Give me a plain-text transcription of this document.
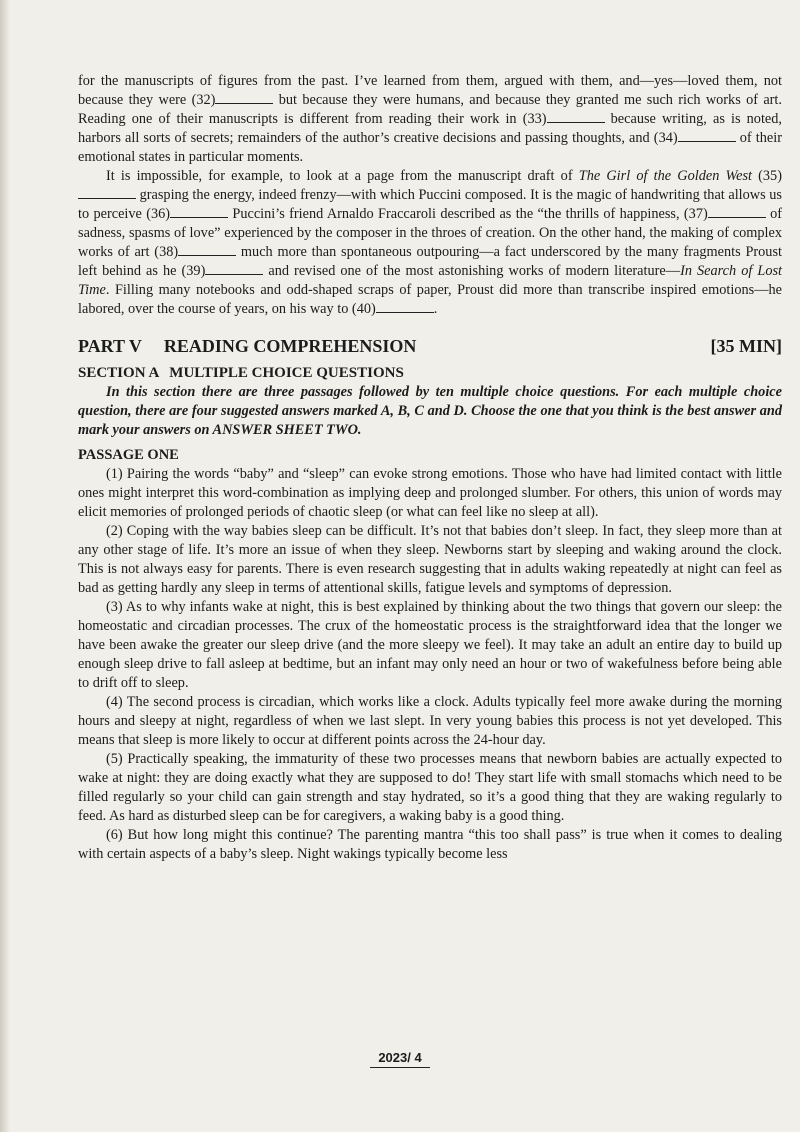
for the manuscripts of figures from the past. I’ve learned from them, argued with them, and—yes—loved them, not because they were (32)	but because they were humans, and because they granted me such rich works of art. Reading one of their manuscripts is different from reading their work in (33)	because writing, as is noted, harbors all sorts of secrets; remainders of the author’s creative decisions and passing thoughts, and (34)	of their emotional states in particular moments.

It is impossible, for example, to look at a page from the manuscript draft of The Girl of the Golden West (35) grasping the energy, indeed frenzy—with which Puccini composed. It is the magic of handwriting that allows us to perceive (36)	Puccini’s friend Arnaldo Fraccaroli described as the “the thrills of happiness, (37)	of sadness, spasms of love” experienced by the composer in the throes of creation. On the other hand, the making of complex works of art (38)	much more than spontaneous outpouring—a fact underscored by the many fragments Proust left behind as he (39)	and revised one of the most astonishing works of modern literature—In Search of Lost Time. Filling many notebooks and odd-shaped scraps of paper, Proust did more than transcribe inspired emotions—he labored, over the course of years, on his way to (40)	.

PART V READING COMPREHENSION	[35 MIN]
SECTION A MULTIPLE CHOICE QUESTIONS

In this section there are three passages followed by ten multiple choice questions. For each multiple choice question, there are four suggested answers marked A, B, C and D. Choose the one that you think is the best answer and mark your answers on ANSWER SHEET TWO.

PASSAGE ONE

(1) Pairing the words “baby” and “sleep” can evoke strong emotions. Those who have had limited contact with little ones might interpret this word-combination as implying deep and prolonged slumber. For others, this union of words may elicit memories of prolonged periods of chaotic sleep (or what can feel like no sleep at all).

(2) Coping with the way babies sleep can be difficult. It’s not that babies don’t sleep. In fact, they sleep more than at any other stage of life. It’s more an issue of when they sleep. Newborns start by sleeping and waking around the clock. This is not always easy for parents. There is even research suggesting that in adults waking repeatedly at night can feel as bad as getting hardly any sleep in terms of attentional skills, fatigue levels and symptoms of depression.

(3) As to why infants wake at night, this is best explained by thinking about the two things that govern our sleep: the homeostatic and circadian processes. The crux of the homeostatic process is the straightforward idea that the longer we have been awake the greater our sleep drive (and the more sleepy we feel). It may take an adult an entire day to build up enough sleep drive to fall asleep at bedtime, but an infant may only need an hour or two of wakefulness before being able to drift off to sleep.

(4) The second process is circadian, which works like a clock. Adults typically feel more awake during the morning hours and sleepy at night, regardless of when we last slept. In very young babies this process is not yet developed. This means that sleep is more likely to occur at different points across the 24-hour day.

(5) Practically speaking, the immaturity of these two processes means that newborn babies are actually expected to wake at night: they are doing exactly what they are supposed to do! They start life with small stomachs which need to be filled regularly so your child can gain strength and stay hydrated, so it’s a good thing that they are waking regularly to feed. As hard as disturbed sleep can be for caregivers, a waking baby is a good thing.

(6) But how long might this continue? The parenting mantra “this too shall pass” is true when it comes to dealing with certain aspects of a baby’s sleep. Night wakings typically become less

2023/ 4
